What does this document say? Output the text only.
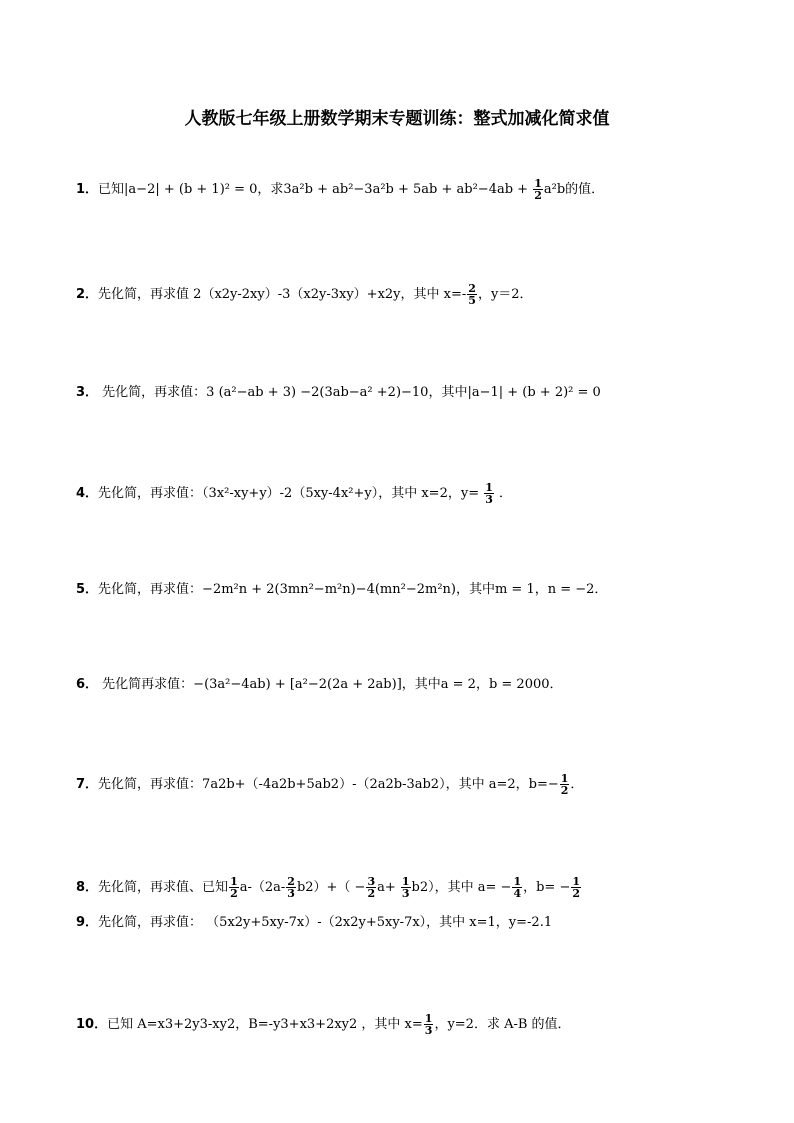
人教版七年级上册数学期末专题训练：整式加减化简求值
1．已知|a−2| + (b + 1)² = 0，求$3a^2b + ab^2-3a^2b + 5ab + ab^2-4ab + \frac{1}{2} a^2b$的值．
2．先化简，再求值 2（x2y-2xy）-3（x2y-3xy）+x2y，其中 $x=- \frac{2}{5}$ ，y＝2．
3． 先化简，再求值：3 (a²−ab + 3) −2(3ab−a² +2)−10，其中|a−1| + (b + 2)² = 0
4．先化简，再求值：（3x²-xy+y）-2（5xy-4x²+y），其中 x=2，$y= \frac{1}{3}$ ．
5．先化简，再求值：−2m²n + 2(3mn²−m²n)−4(mn²−2m²n)，其中m = 1，n = −2．
6． 先化简再求值：−(3a²−4ab) + [a²−2(2a + 2ab)]，其中a = 2，b = 2000．
7．先化简，再求值：7a2b+（-4a2b+5ab2）-（2a2b-3ab2），其中 a=2，$b=- \frac{1}{2}$ ．
8．先化简，再求值、已知 $\frac{1}{2} a-(2a- \frac{2}{3} b2)+( - \frac{3}{2} a+ \frac{1}{3} b2)$，其中 $a= - \frac{1}{4}$ ，$b= - \frac{1}{2}$
9．先化简，再求值： （5x2y+5xy-7x）-（2x2y+5xy-7x），其中 x=1，y=-2.1
10．已知 A=x3+2y3-xy2，B=-y3+x3+2xy2 ，其中 $x= \frac{1}{3}$ ，y=2．求 A-B 的值．
